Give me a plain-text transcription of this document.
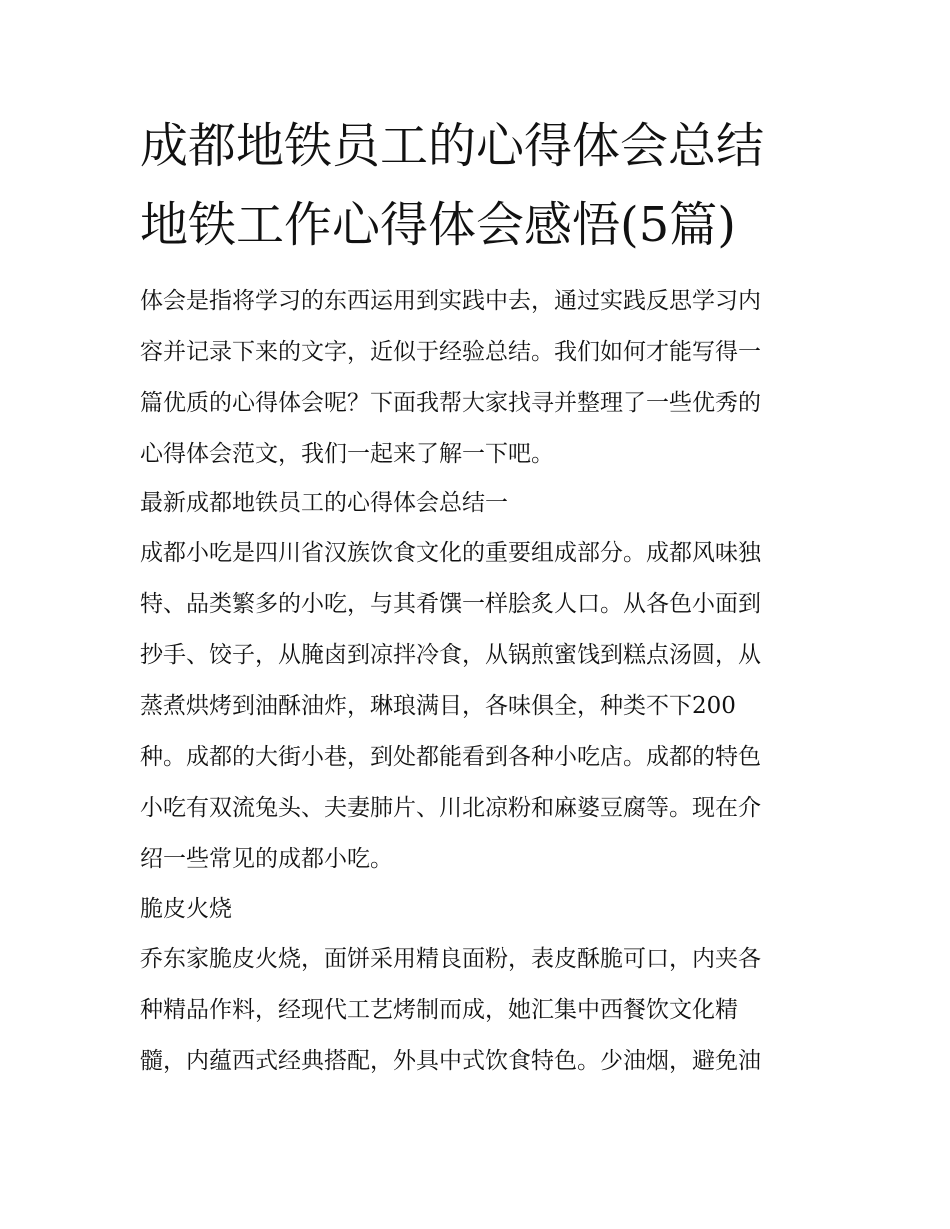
成都地铁员工的心得体会总结
地铁工作心得体会感悟(5篇)
体会是指将学习的东西运用到实践中去，通过实践反思学习内
容并记录下来的文字，近似于经验总结。我们如何才能写得一
篇优质的心得体会呢？下面我帮大家找寻并整理了一些优秀的
心得体会范文，我们一起来了解一下吧。
最新成都地铁员工的心得体会总结一
成都小吃是四川省汉族饮食文化的重要组成部分。成都风味独
特、品类繁多的小吃，与其肴馔一样脍炙人口。从各色小面到
抄手、饺子，从腌卤到凉拌冷食，从锅煎蜜饯到糕点汤圆，从
蒸煮烘烤到油酥油炸，琳琅满目，各味俱全，种类不下200
种。成都的大街小巷，到处都能看到各种小吃店。成都的特色
小吃有双流兔头、夫妻肺片、川北凉粉和麻婆豆腐等。现在介
绍一些常见的成都小吃。
脆皮火烧
乔东家脆皮火烧，面饼采用精良面粉，表皮酥脆可口，内夹各
种精品作料，经现代工艺烤制而成，她汇集中西餐饮文化精
髓，内蕴西式经典搭配，外具中式饮食特色。少油烟，避免油
